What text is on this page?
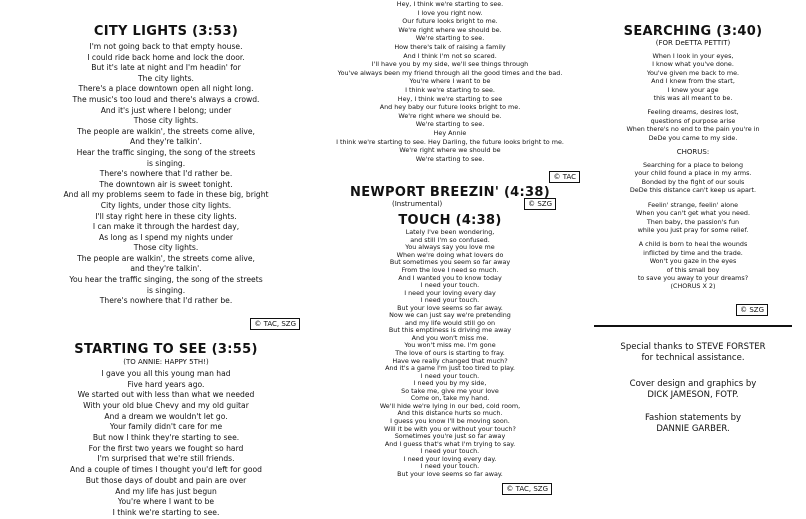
CITY LIGHTS (3:53)
I'm not going back to that empty house.
I could ride back home and lock the door.
But it's late at night and I'm headin' for
The city lights.
There's a place downtown open all night long.
The music's too loud and there's always a crowd.
And it's just where I belong; under
Those city lights.
The people are walkin', the streets come alive,
And they're talkin'.
Hear the traffic singing, the song of the streets
is singing.
There's nowhere that I'd rather be.
The downtown air is sweet tonight.
And all my problems seem to fade in these big, bright
City lights, under those city lights.
I'll stay right here in these city lights.
I can make it through the hardest day,
As long as I spend my nights under
Those city lights.
The people are walkin', the streets come alive,
and they're talkin'.
You hear the traffic singing, the song of the streets
is singing.
There's nowhere that I'd rather be.
© TAC, SZG
STARTING TO SEE (3:55)
(TO ANNIE: HAPPY 5TH!)
I gave you all this young man had
Five hard years ago.
We started out with less than what we needed
With your old blue Chevy and my old guitar
And a dream we wouldn't let go.
Your family didn't care for me
But now I think they're starting to see.
For the first two years we fought so hard
I'm surprised that we're still friends.
And a couple of times I thought you'd left for good
But those days of doubt and pain are over
And my life has just begun
You're where I want to be
I think we're starting to see.
Hey, I think we're starting to see.
I love you right now.
Our future looks bright to me.
We're right where we should be.
We're starting to see.
How there's talk of raising a family
And I think I'm not so scared.
I'll have you by my side, we'll see things through
You've always been my friend through all the good times and the bad.
You're where I want to be
I think we're starting to see.
Hey, I think we're starting to see
And hey baby our future looks bright to me.
We're right where we should be.
We're starting to see.
Hey Annie
I think we're starting to see. Hey Darling, the future looks bright to me.
We're right where we should be
We're starting to see.
© TAC
NEWPORT BREEZIN' (4:38)
(Instrumental)	© SZG
TOUCH (4:38)
Lately I've been wondering,
and still I'm so confused.
You always say you love me
When we're doing what lovers do
But sometimes you seem so far away
From the love I need so much.
And I wanted you to know today
I need your touch.
I need your loving every day
I need your touch.
But your love seems so far away.
Now we can just say we're pretending
and my life would still go on
But this emptiness is driving me away
And you won't miss me.
You won't miss me. I'm gone
The love of ours is starting to fray.
Have we really changed that much?
And it's a game I'm just too tired to play.
I need your touch.
I need you by my side,
So take me, give me your love
Come on, take my hand.
We'll hide we're lying in our bed, cold room,
And this distance hurts so much.
I guess you know I'll be moving soon.
Will it be with you or without your touch?
Sometimes you're just so far away
And I guess that's what I'm trying to say.
I need your touch.
I need your loving every day.
I need your touch.
But your love seems so far away.
© TAC, SZG
SEARCHING (3:40)
(FOR DeETTA PETTIT)
When I look in your eyes,
I know what you've done.
You've given me back to me.
And I knew from the start,
I knew your age
this was all meant to be.
Feeling dreams, desires lost,
questions of purpose arise
When there's no end to the pain you're in
DeDe you came to my side.
CHORUS:
Searching for a place to belong
your child found a place in my arms.
Bonded by the fight of our souls
DeDe this distance can't keep us apart.
Feelin' strange, feelin' alone
When you can't get what you need.
Then baby, the passion's fun
while you just pray for some relief.
A child is born to heal the wounds
inflicted by time and the trade.
Won't you gaze in the eyes
of this small boy
to save you away to your dreams?
(CHORUS X 2)
© SZG
Special thanks to STEVE FORSTER
for technical assistance.
Cover design and graphics by
DICK JAMESON, FOTP.
Fashion statements by
DANNIE GARBER.
